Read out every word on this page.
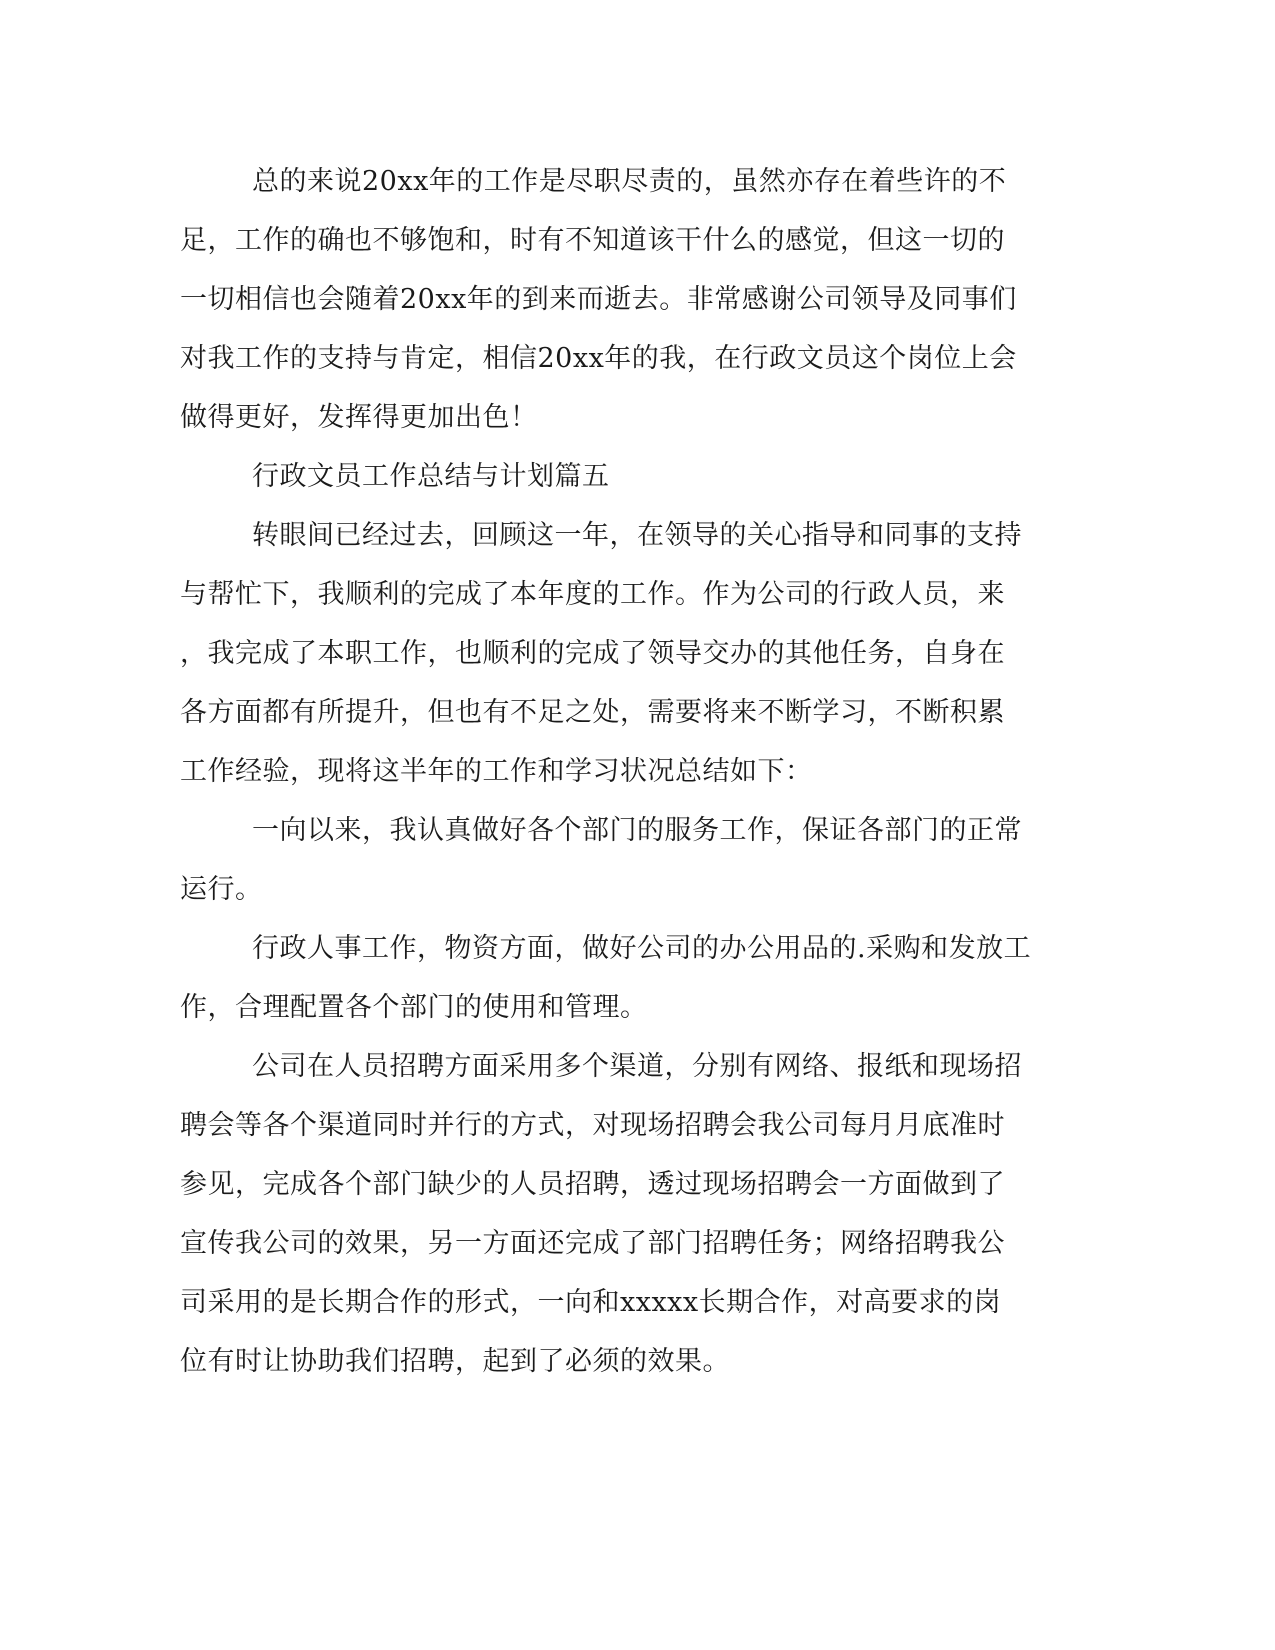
总的来说20xx年的工作是尽职尽责的，虽然亦存在着些许的不
足，工作的确也不够饱和，时有不知道该干什么的感觉，但这一切的
一切相信也会随着20xx年的到来而逝去。非常感谢公司领导及同事们
对我工作的支持与肯定，相信20xx年的我，在行政文员这个岗位上会
做得更好，发挥得更加出色！
行政文员工作总结与计划篇五
转眼间已经过去，回顾这一年，在领导的关心指导和同事的支持
与帮忙下，我顺利的完成了本年度的工作。作为公司的行政人员，来
，我完成了本职工作，也顺利的完成了领导交办的其他任务，自身在
各方面都有所提升，但也有不足之处，需要将来不断学习，不断积累
工作经验，现将这半年的工作和学习状况总结如下：
一向以来，我认真做好各个部门的服务工作，保证各部门的正常
运行。
行政人事工作，物资方面，做好公司的办公用品的.采购和发放工
作，合理配置各个部门的使用和管理。
公司在人员招聘方面采用多个渠道，分别有网络、报纸和现场招
聘会等各个渠道同时并行的方式，对现场招聘会我公司每月月底准时
参见，完成各个部门缺少的人员招聘，透过现场招聘会一方面做到了
宣传我公司的效果，另一方面还完成了部门招聘任务；网络招聘我公
司采用的是长期合作的形式，一向和xxxxx长期合作，对高要求的岗
位有时让协助我们招聘，起到了必须的效果。
